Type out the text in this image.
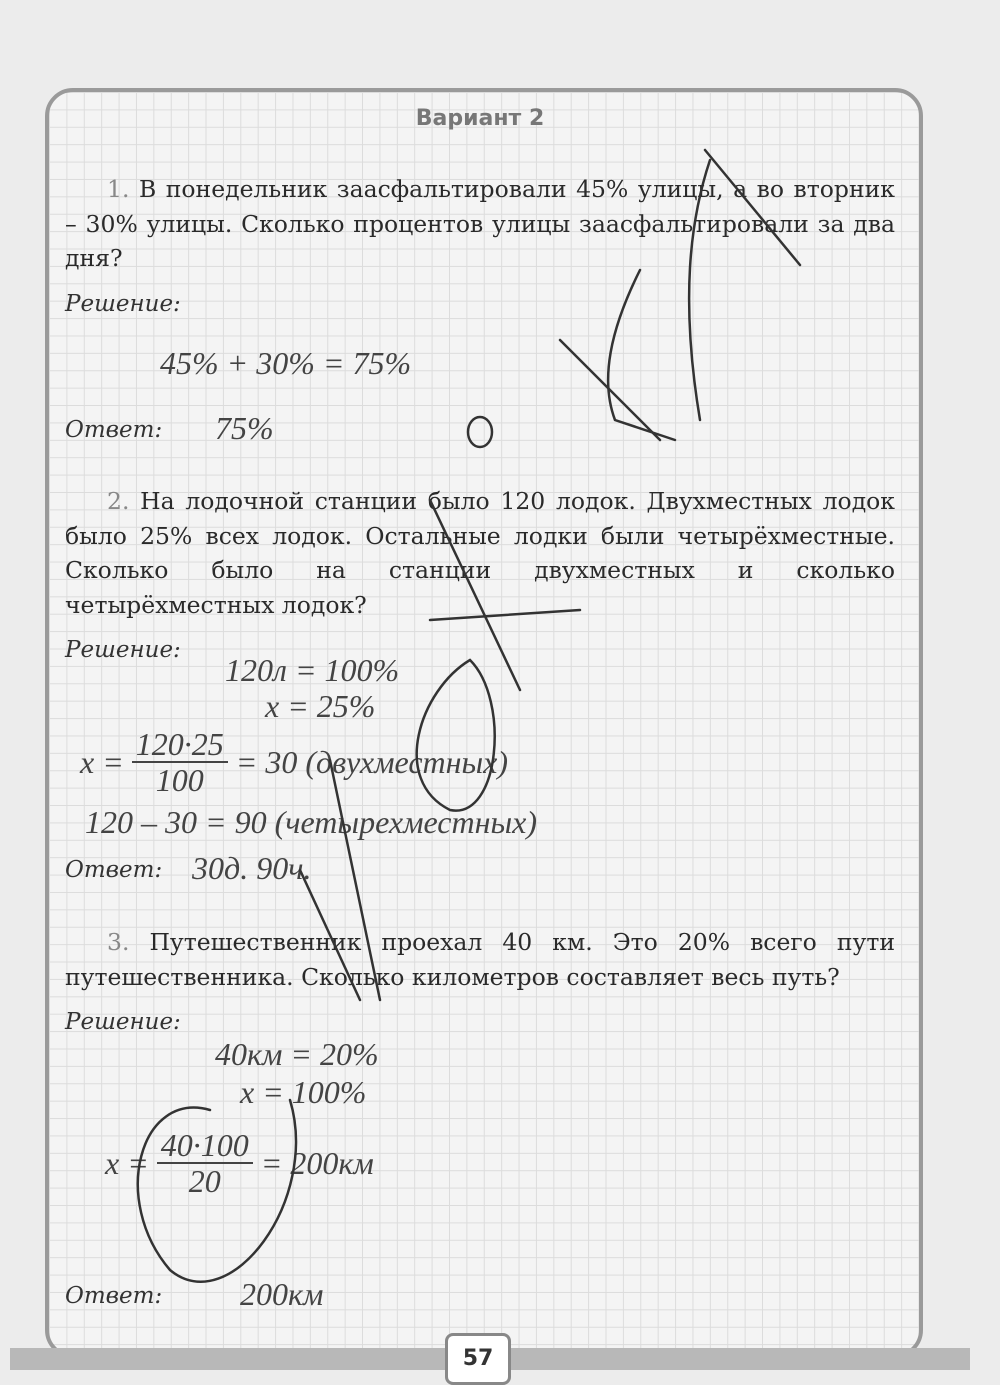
Вариант 2
1. В понедельник заасфальтировали 45% улицы, а во вторник – 30% улицы. Сколько процентов улицы заасфальтировали за два дня?
Решение:
45% + 30% = 75%
Ответ: 75%
2. На лодочной станции было 120 лодок. Двухместных лодок было 25% всех лодок. Остальные лодки были четырёхместные. Сколько было на станции двухместных и сколько четырёхместных лодок?
Решение:
120л = 100%
x = 25%
$x = \frac{120\cdot 25}{100} = 30$ (двухместных)
120 – 30 = 90 (четырехместных)
Ответ: 30д. 90ч.
3. Путешественник проехал 40 км. Это 20% всего пути путешественника. Сколько километров составляет весь путь?
Решение:
40км = 20%
x = 100%
$x = \frac{40\cdot 100}{20} = 200км$
Ответ: 200км
57
